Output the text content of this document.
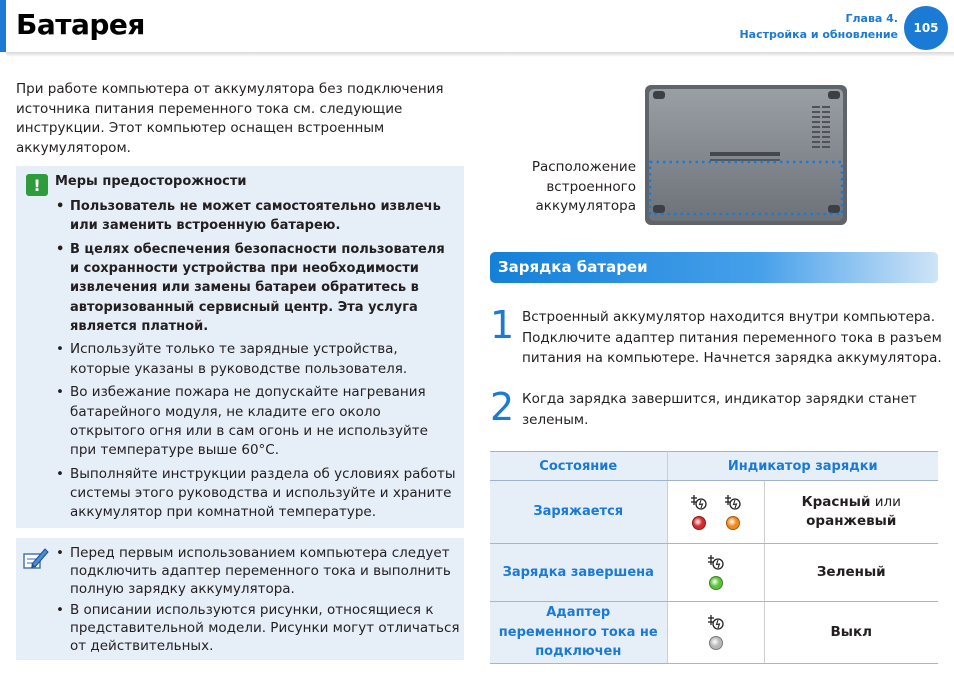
Батарея	Глава 4.
Настройка и обновление	105

При работе компьютера от аккумулятора без подключения источника питания переменного тока см. следующие инструкции. Этот компьютер оснащен встроенным аккумулятором.

!	Меры предосторожности
• Пользователь не может самостоятельно извлечь или заменить встроенную батарею.
• В целях обеспечения безопасности пользователя и сохранности устройства при необходимости извлечения или замены батареи обратитесь в авторизованный сервисный центр. Эта услуга является платной.
• Используйте только те зарядные устройства, которые указаны в руководстве пользователя.
• Во избежание пожара не допускайте нагревания батарейного модуля, не кладите его около открытого огня или в сам огонь и не используйте при температуре выше 60°C.
• Выполняйте инструкции раздела об условиях работы системы этого руководства и используйте и храните аккумулятор при комнатной температуре.
• Перед первым использованием компьютера следует подключить адаптер переменного тока и выполнить полную зарядку аккумулятора.
• В описании используются рисунки, относящиеся к представительной модели. Рисунки могут отличаться от действительных.
Расположение встроенного аккумулятора
Зарядка батареи
1 Встроенный аккумулятор находится внутри компьютера. Подключите адаптер питания переменного тока в разъем питания на компьютере. Начнется зарядка аккумулятора.
2 Когда зарядка завершится, индикатор зарядки станет зеленым.
Состояние	Индикатор зарядки	
Заряжается		Красный или
оранжевый
Зарядка завершена		Зеленый
Адаптер переменного тока не подключен		Выкл
